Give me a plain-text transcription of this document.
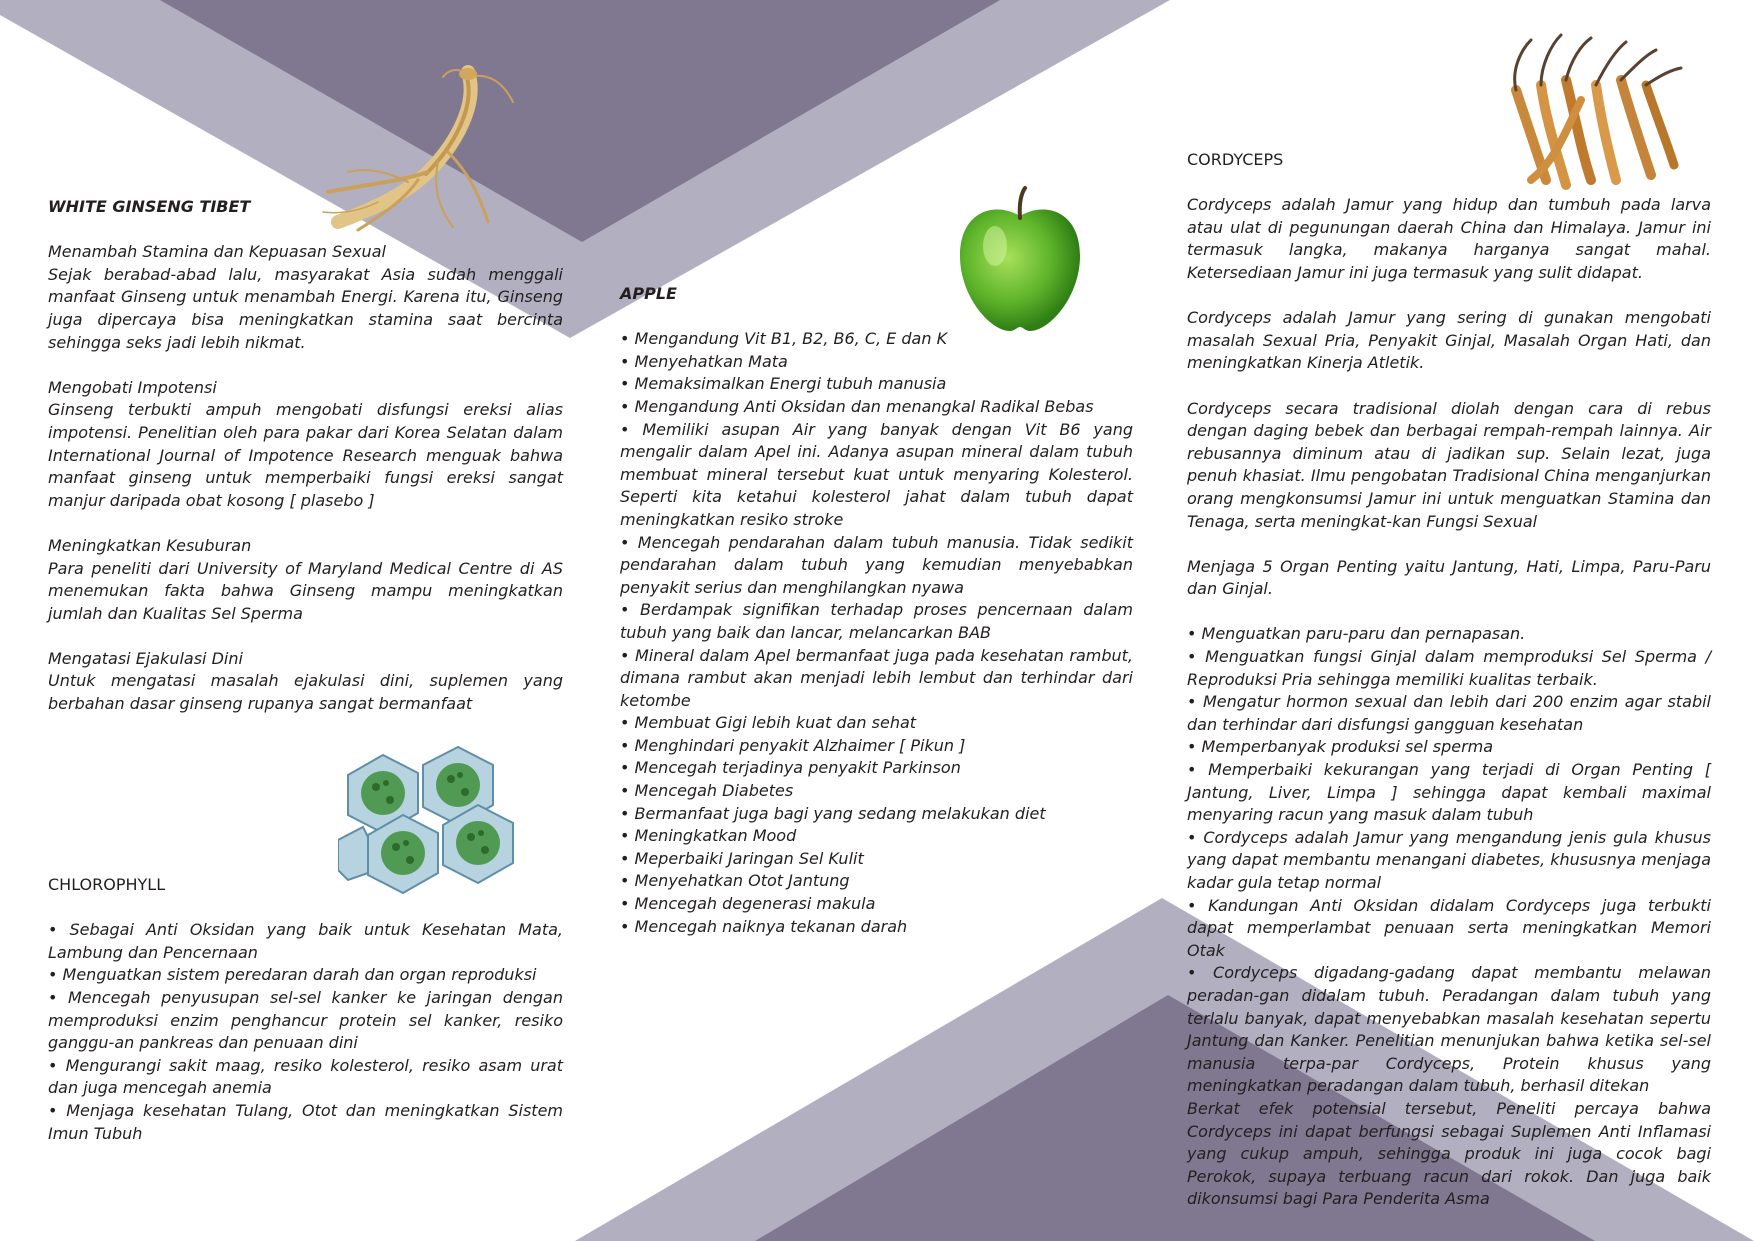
WHITE GINSENG TIBET

Menambah Stamina dan Kepuasan Sexual

Sejak berabad-abad lalu, masyarakat Asia sudah menggali manfaat Ginseng untuk menambah Energi. Karena itu, Ginseng juga dipercaya bisa meningkatkan stamina saat bercinta sehingga seks jadi lebih nikmat.

Mengobati Impotensi

Ginseng terbukti ampuh mengobati disfungsi ereksi alias impotensi. Penelitian oleh para pakar dari Korea Selatan dalam International Journal of Impotence Research menguak bahwa manfaat ginseng untuk memperbaiki fungsi ereksi sangat manjur daripada obat kosong [ plasebo ]

Meningkatkan Kesuburan

Para peneliti dari University of Maryland Medical Centre di AS menemukan fakta bahwa Ginseng mampu meningkatkan jumlah dan Kualitas Sel Sperma

Mengatasi Ejakulasi Dini

Untuk mengatasi masalah ejakulasi dini, suplemen yang berbahan dasar ginseng rupanya sangat bermanfaat

CHLOROPHYLL

• Sebagai Anti Oksidan yang baik untuk Kesehatan Mata, Lambung dan Pencernaan
• Menguatkan sistem peredaran darah dan organ reproduksi
• Mencegah penyusupan sel-sel kanker ke jaringan dengan memproduksi enzim penghancur protein sel kanker, resiko ganggu-an pankreas dan penuaan dini
• Mengurangi sakit maag, resiko kolesterol, resiko asam urat dan juga mencegah anemia
• Menjaga kesehatan Tulang, Otot dan meningkatkan Sistem Imun Tubuh

APPLE

• Mengandung Vit B1, B2, B6, C, E dan K
• Menyehatkan Mata
• Memaksimalkan Energi tubuh manusia
• Mengandung Anti Oksidan dan menangkal Radikal Bebas
• Memiliki asupan Air yang banyak dengan Vit B6 yang mengalir dalam Apel ini. Adanya asupan mineral dalam tubuh membuat mineral tersebut kuat untuk menyaring Kolesterol. Seperti kita ketahui kolesterol jahat dalam tubuh dapat meningkatkan resiko stroke
• Mencegah pendarahan dalam tubuh manusia. Tidak sedikit pendarahan dalam tubuh yang kemudian menyebabkan penyakit serius dan menghilangkan nyawa
• Berdampak signifikan terhadap proses pencernaan dalam tubuh yang baik dan lancar, melancarkan BAB
• Mineral dalam Apel bermanfaat juga pada kesehatan rambut, dimana rambut akan menjadi lebih lembut dan terhindar dari ketombe
• Membuat Gigi lebih kuat dan sehat
• Menghindari penyakit Alzhaimer [ Pikun ]
• Mencegah terjadinya penyakit Parkinson
• Mencegah Diabetes
• Bermanfaat juga bagi yang sedang melakukan diet
• Meningkatkan Mood
• Meperbaiki Jaringan Sel Kulit
• Menyehatkan Otot Jantung
• Mencegah degenerasi makula
• Mencegah naiknya tekanan darah

CORDYCEPS

Cordyceps adalah Jamur yang hidup dan tumbuh pada larva atau ulat di pegunungan daerah China dan Himalaya. Jamur ini termasuk langka, makanya harganya sangat mahal. Ketersediaan Jamur ini juga termasuk yang sulit didapat.

Cordyceps adalah Jamur yang sering di gunakan mengobati masalah Sexual Pria, Penyakit Ginjal, Masalah Organ Hati, dan meningkatkan Kinerja Atletik.

Cordyceps secara tradisional diolah dengan cara di rebus dengan daging bebek dan berbagai rempah-rempah lainnya. Air rebusannya diminum atau di jadikan sup. Selain lezat, juga penuh khasiat. Ilmu pengobatan Tradisional China menganjurkan orang mengkonsumsi Jamur ini untuk menguatkan Stamina dan Tenaga, serta meningkat-kan Fungsi Sexual

Menjaga 5 Organ Penting yaitu Jantung, Hati, Limpa, Paru-Paru dan Ginjal.

• Menguatkan paru-paru dan pernapasan.
• Menguatkan fungsi Ginjal dalam memproduksi Sel Sperma / Reproduksi Pria sehingga memiliki kualitas terbaik.
• Mengatur hormon sexual dan lebih dari 200 enzim agar stabil dan terhindar dari disfungsi gangguan kesehatan
• Memperbanyak produksi sel sperma
• Memperbaiki kekurangan yang terjadi di Organ Penting [ Jantung, Liver, Limpa ] sehingga dapat kembali maximal menyaring racun yang masuk dalam tubuh
• Cordyceps adalah Jamur yang mengandung jenis gula khusus yang dapat membantu menangani diabetes, khususnya menjaga kadar gula tetap normal
• Kandungan Anti Oksidan didalam Cordyceps juga terbukti dapat memperlambat penuaan serta meningkatkan Memori Otak
• Cordyceps digadang-gadang dapat membantu melawan peradan-gan didalam tubuh. Peradangan dalam tubuh yang terlalu banyak, dapat menyebabkan masalah kesehatan sepertu Jantung dan Kanker. Penelitian menunjukan bahwa ketika sel-sel manusia terpa-par Cordyceps, Protein khusus yang meningkatkan peradangan dalam tubuh, berhasil ditekan

Berkat efek potensial tersebut, Peneliti percaya bahwa Cordyceps ini dapat berfungsi sebagai Suplemen Anti Inflamasi yang cukup ampuh, sehingga produk ini juga cocok bagi Perokok, supaya terbuang racun dari rokok. Dan juga baik dikonsumsi bagi Para Penderita Asma
